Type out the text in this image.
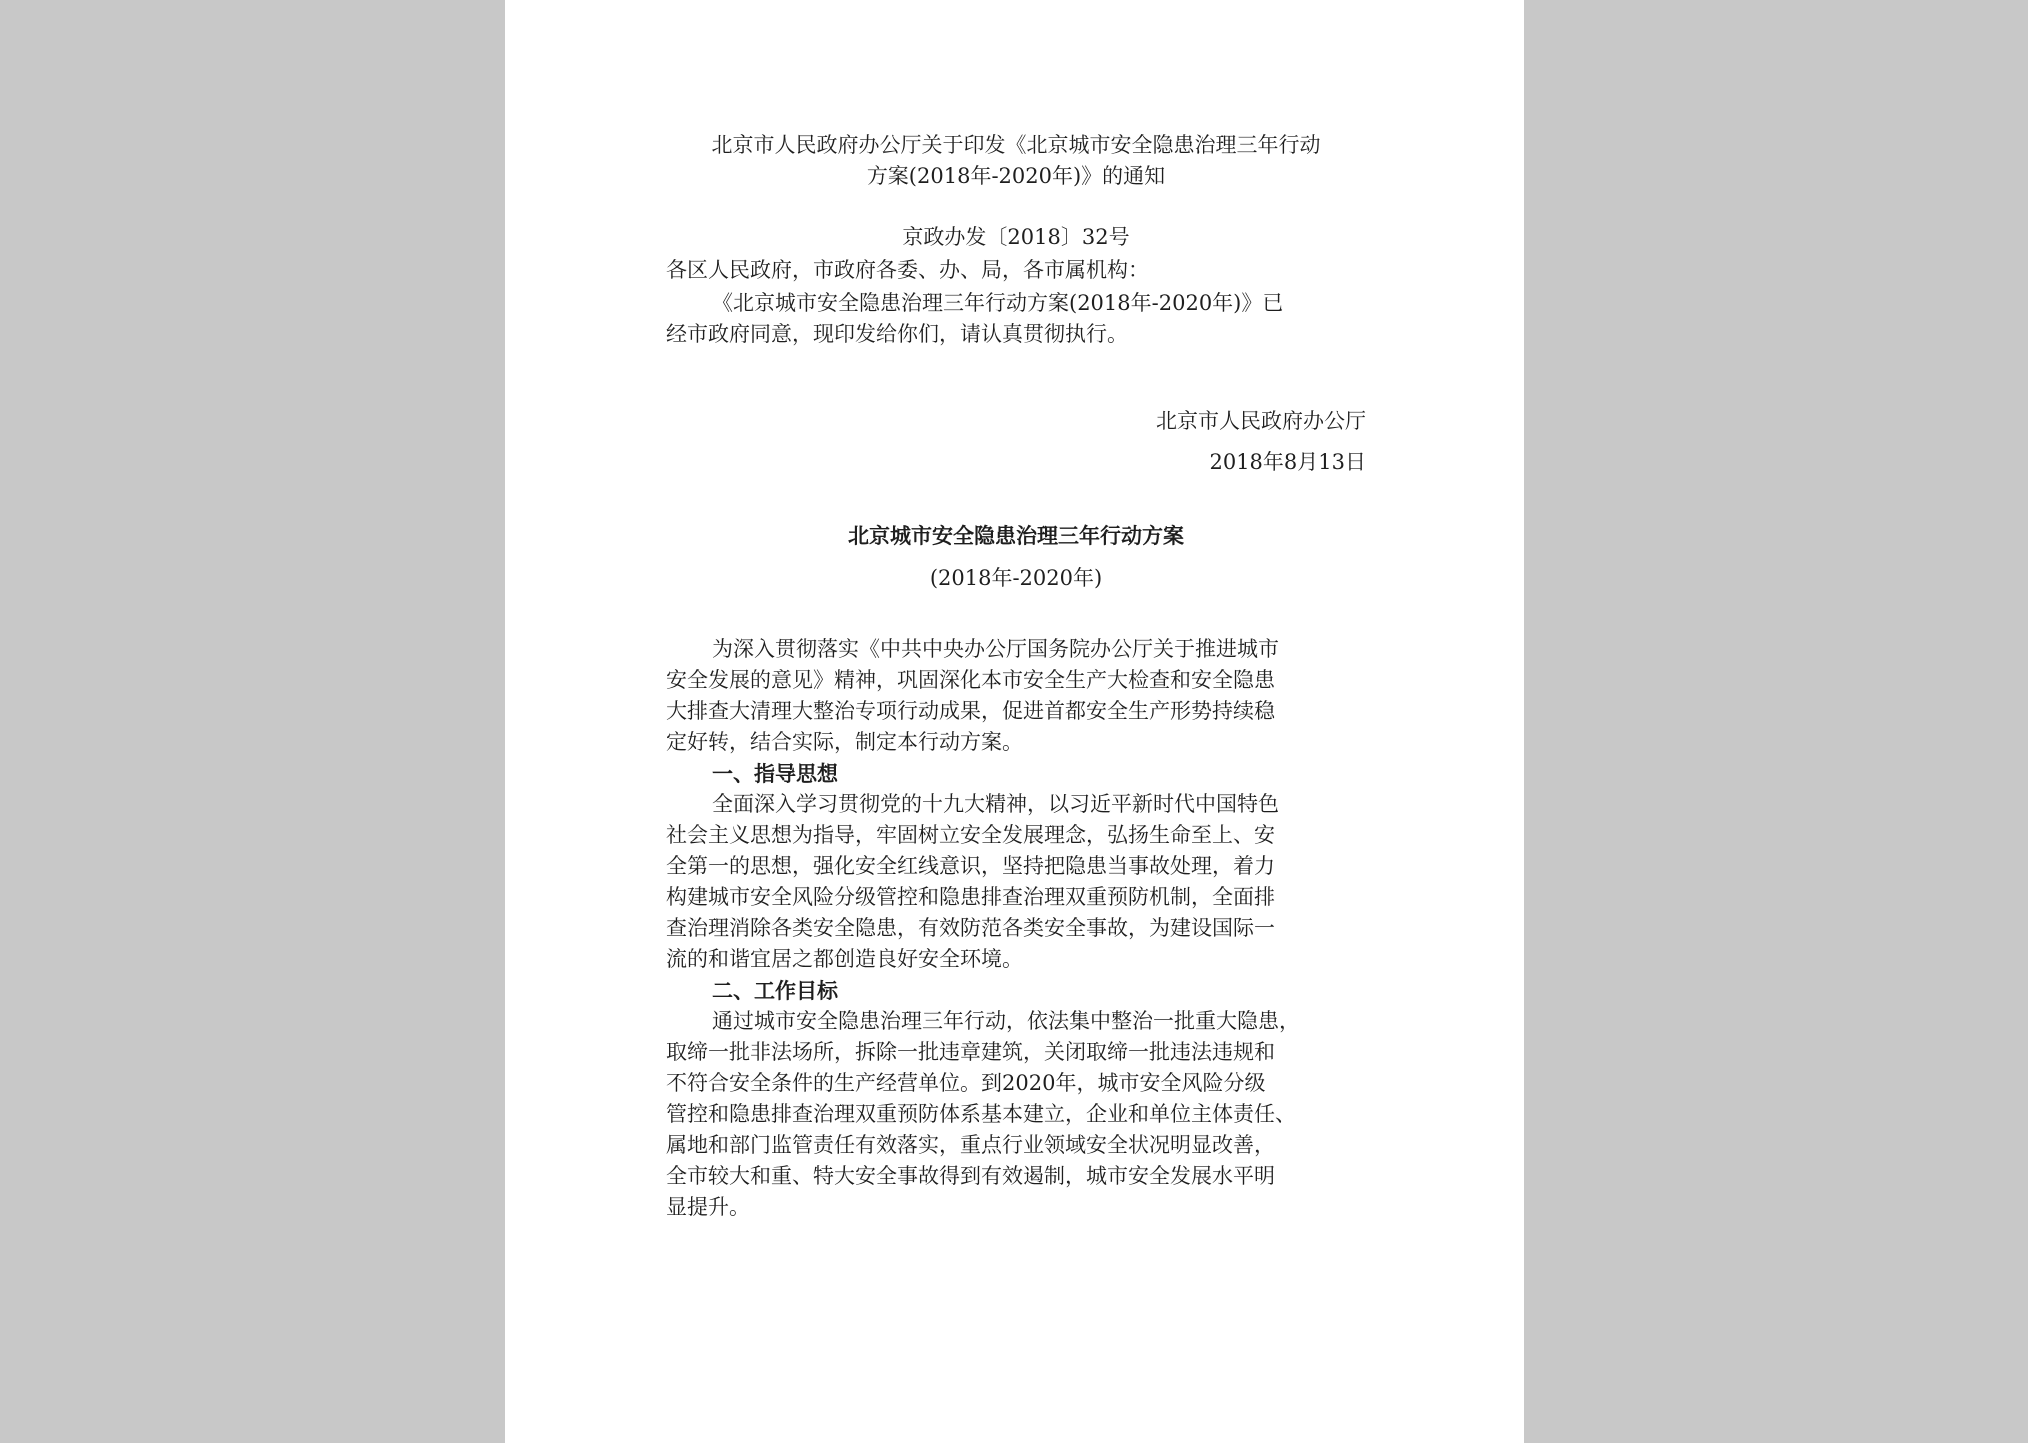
北京市人民政府办公厅关于印发《北京城市安全隐患治理三年行动

方案(2018年-2020年)》的通知

京政办发〔2018〕32号

各区人民政府，市政府各委、办、局，各市属机构：

《北京城市安全隐患治理三年行动方案(2018年-2020年)》已

经市政府同意，现印发给你们，请认真贯彻执行。

北京市人民政府办公厅

2018年8月13日

北京城市安全隐患治理三年行动方案

(2018年-2020年)

为深入贯彻落实《中共中央办公厅国务院办公厅关于推进城市

安全发展的意见》精神，巩固深化本市安全生产大检查和安全隐患

大排查大清理大整治专项行动成果，促进首都安全生产形势持续稳

定好转，结合实际，制定本行动方案。

一、指导思想

全面深入学习贯彻党的十九大精神，以习近平新时代中国特色

社会主义思想为指导，牢固树立安全发展理念，弘扬生命至上、安

全第一的思想，强化安全红线意识，坚持把隐患当事故处理，着力

构建城市安全风险分级管控和隐患排查治理双重预防机制，全面排

查治理消除各类安全隐患，有效防范各类安全事故，为建设国际一

流的和谐宜居之都创造良好安全环境。

二、工作目标

通过城市安全隐患治理三年行动，依法集中整治一批重大隐患，

取缔一批非法场所，拆除一批违章建筑，关闭取缔一批违法违规和

不符合安全条件的生产经营单位。到2020年，城市安全风险分级

管控和隐患排查治理双重预防体系基本建立，企业和单位主体责任、

属地和部门监管责任有效落实，重点行业领域安全状况明显改善，

全市较大和重、特大安全事故得到有效遏制，城市安全发展水平明

显提升。
